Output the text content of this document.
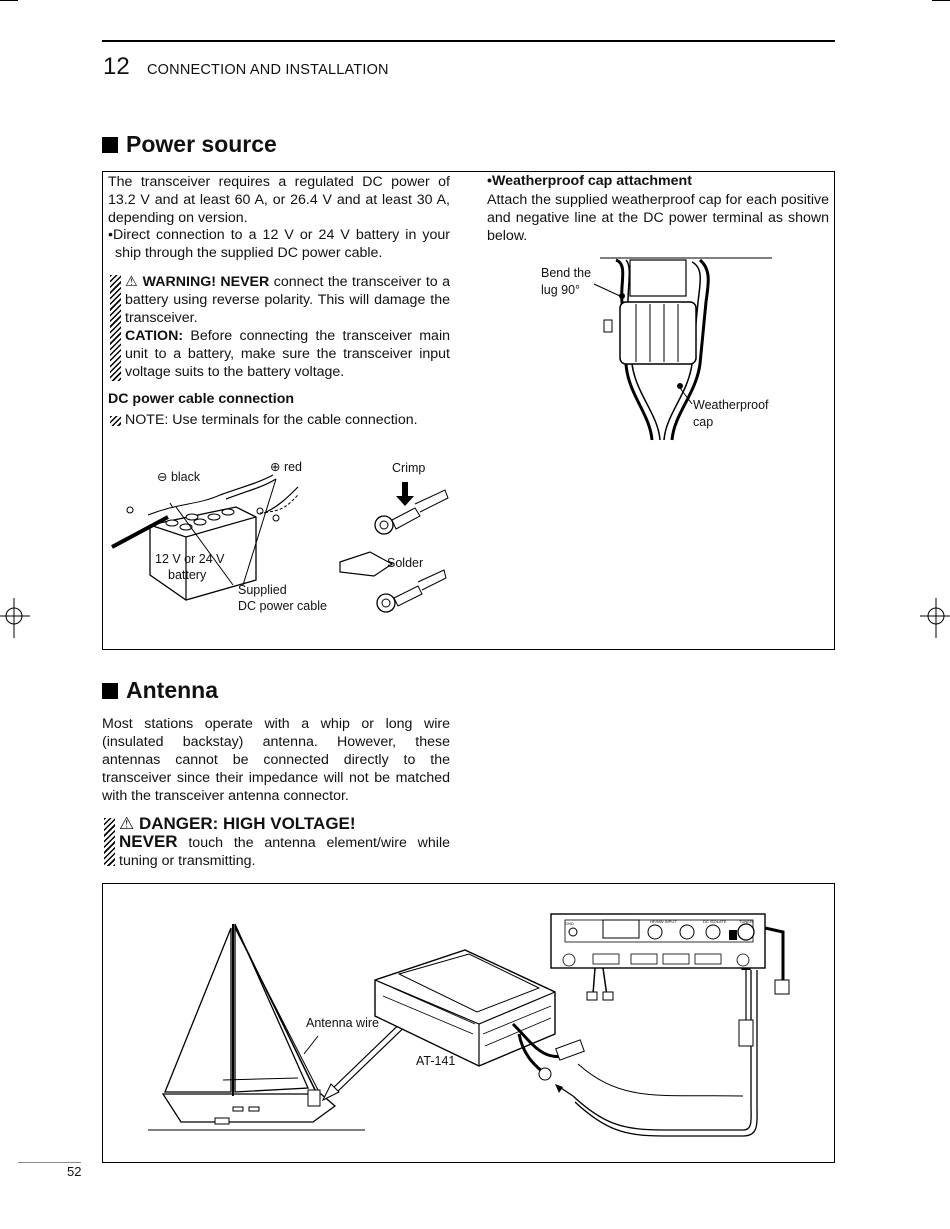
12 CONNECTION AND INSTALLATION
Power source

The transceiver requires a regulated DC power of 13.2 V and at least 60 A, or 26.4 V and at least 30 A, depending on version.

•Direct connection to a 12 V or 24 V battery in your ship through the supplied DC power cable.

⚠ WARNING! NEVER connect the transceiver to a battery using reverse polarity. This will damage the transceiver.

CATION: Before connecting the transceiver main unit to a battery, make sure the transceiver input voltage suits to the battery voltage.

DC power cable connection
NOTE: Use terminals for the cable connection.
⊖ black
⊕ red
12 V or 24 V
battery
Supplied
DC power cable
Crimp
Solder
•Weatherproof cap attachment

Attach the supplied weatherproof cap for each positive and negative line at the DC power terminal as shown below.

Bend the
lug 90°
Weatherproof
cap
Antenna

Most stations operate with a whip or long wire (insulated backstay) antenna. However, these antennas cannot be connected directly to the transceiver since their impedance will not be matched with the transceiver antenna connector.

⚠ DANGER: HIGH VOLTAGE!

NEVER touch the antenna element/wire while tuning or transmitting.

Antenna wire
AT-141
GND	HF/MW INPUT	DC ISOLATE	TUNER
52
